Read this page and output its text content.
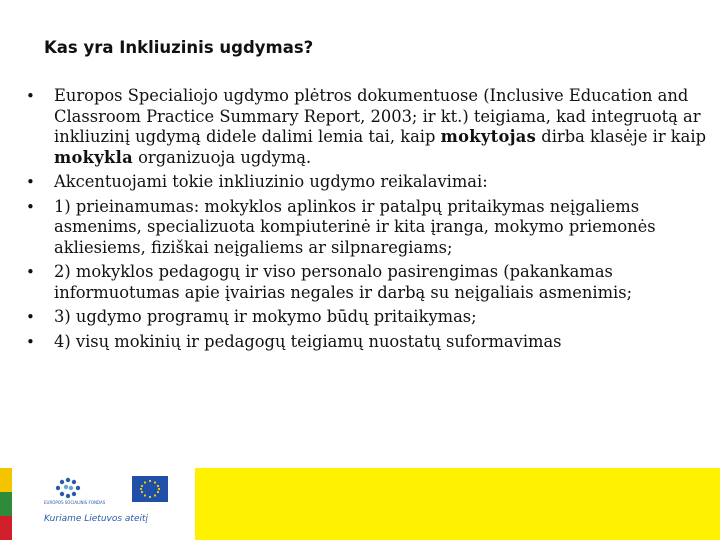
Kas yra Inkliuzinis ugdymas?
• Europos Specialiojo ugdymo plėtros dokumentuose (Inclusive Education and Classroom Practice Summary Report, 2003; ir kt.) teigiama, kad integruotą ar inkliuzinį ugdymą didele dalimi lemia tai, kaip mokytojas dirba klasėje ir kaip mokykla organizuoja ugdymą.
• Akcentuojami tokie inkliuzinio ugdymo reikalavimai:
• 1) prieinamumas: mokyklos aplinkos ir patalpų pritaikymas neįgaliems asmenims, specializuota kompiuterinė ir kita įranga, mokymo priemonės akliesiems, fiziškai neįgaliems ar silpnaregiams;
• 2) mokyklos pedagogų ir viso personalo pasirengimas (pakankamas informuotumas apie įvairias negales ir darbą su neįgaliais asmenimis;
• 3) ugdymo programų ir mokymo būdų pritaikymas;
• 4) visų mokinių ir pedagogų teigiamų nuostatų suformavimas
EUROPOS SOCIALINIS FONDAS
Kuriame Lietuvos ateitį
